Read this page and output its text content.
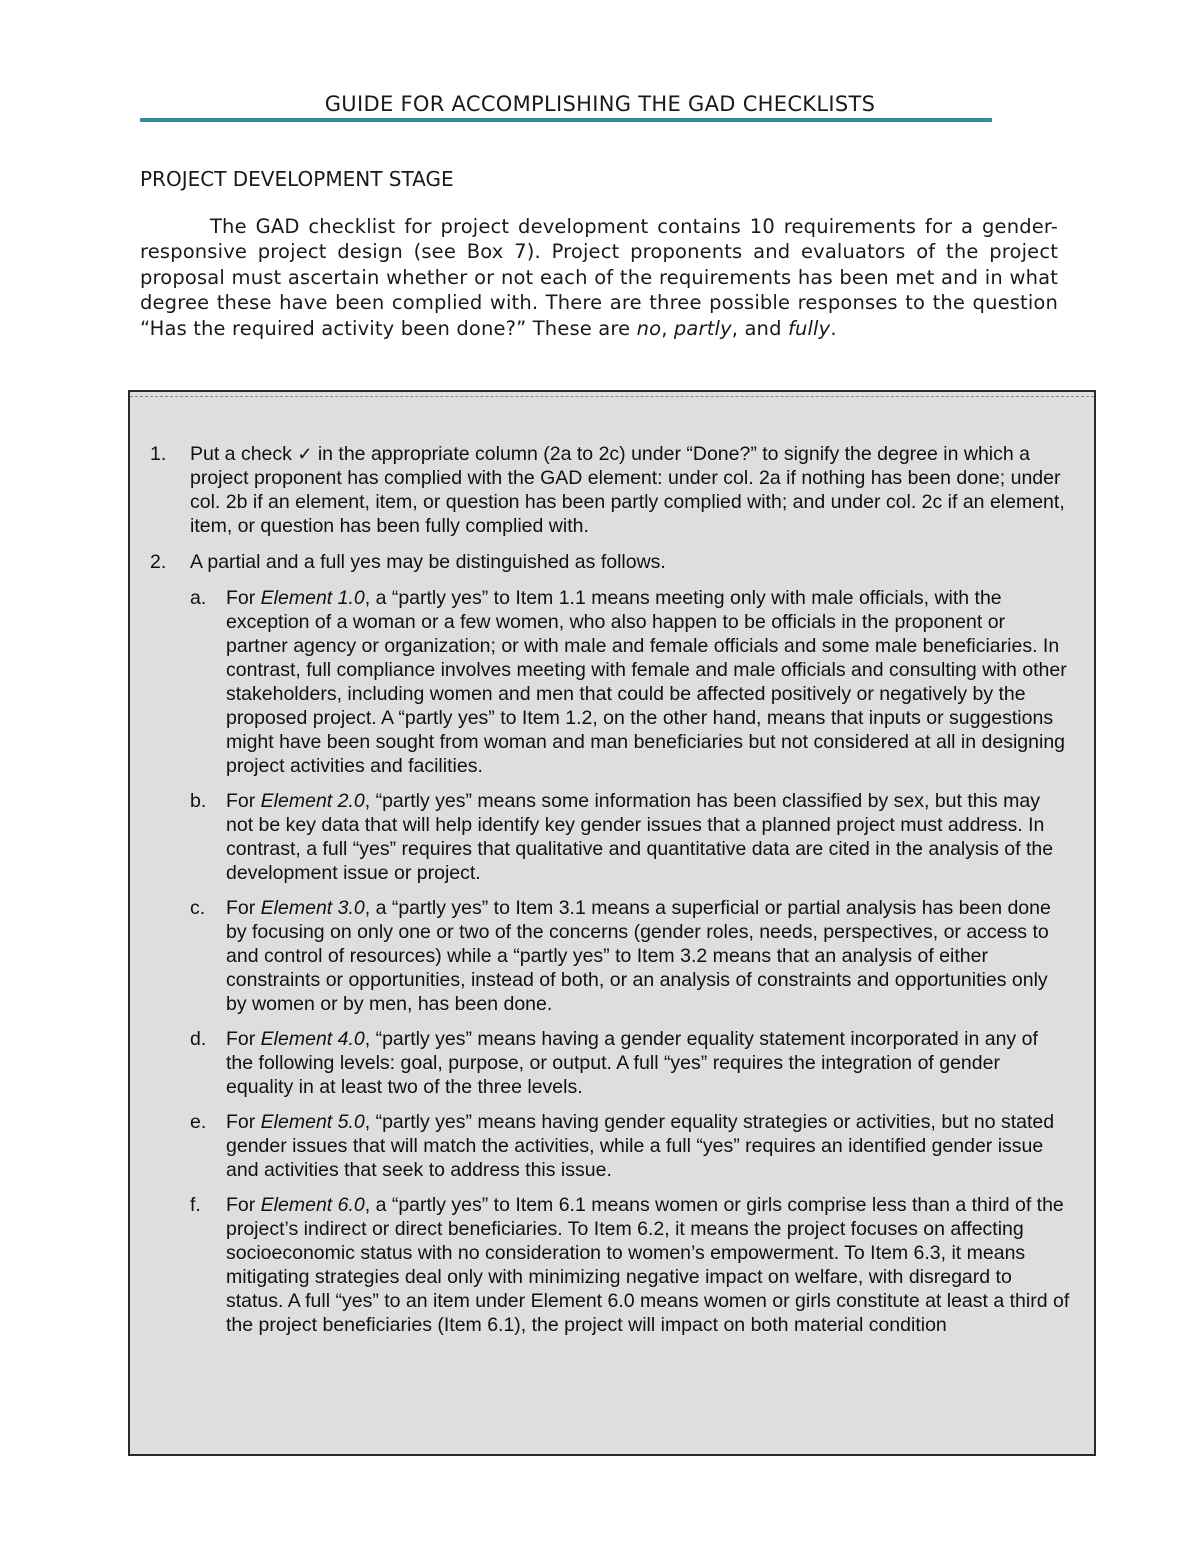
GUIDE FOR ACCOMPLISHING THE GAD CHECKLISTS
PROJECT DEVELOPMENT STAGE

The GAD checklist for project development contains 10 requirements for a gender-responsive project design (see Box 7). Project proponents and evaluators of the project proposal must ascertain whether or not each of the requirements has been met and in what degree these have been complied with. There are three possible responses to the question “Has the required activity been done?” These are no, partly, and fully.

1. Put a check ✓ in the appropriate column (2a to 2c) under “Done?” to signify the degree in which a project proponent has complied with the GAD element: under col. 2a if nothing has been done; under col. 2b if an element, item, or question has been partly complied with; and under col. 2c if an element, item, or question has been fully complied with.
2. A partial and a full yes may be distinguished as follows.
a. For Element 1.0, a “partly yes” to Item 1.1 means meeting only with male officials, with the exception of a woman or a few women, who also happen to be officials in the proponent or partner agency or organization; or with male and female officials and some male beneficiaries. In contrast, full compliance involves meeting with female and male officials and consulting with other stakeholders, including women and men that could be affected positively or negatively by the proposed project. A “partly yes” to Item 1.2, on the other hand, means that inputs or suggestions might have been sought from woman and man beneficiaries but not considered at all in designing project activities and facilities.
b. For Element 2.0, “partly yes” means some information has been classified by sex, but this may not be key data that will help identify key gender issues that a planned project must address. In contrast, a full “yes” requires that qualitative and quantitative data are cited in the analysis of the development issue or project.
c. For Element 3.0, a “partly yes” to Item 3.1 means a superficial or partial analysis has been done by focusing on only one or two of the concerns (gender roles, needs, perspectives, or access to and control of resources) while a “partly yes” to Item 3.2 means that an analysis of either constraints or opportunities, instead of both, or an analysis of constraints and opportunities only by women or by men, has been done.
d. For Element 4.0, “partly yes” means having a gender equality statement incorporated in any of the following levels: goal, purpose, or output. A full “yes” requires the integration of gender equality in at least two of the three levels.
e. For Element 5.0, “partly yes” means having gender equality strategies or activities, but no stated gender issues that will match the activities, while a full “yes” requires an identified gender issue and activities that seek to address this issue.
f. For Element 6.0, a “partly yes” to Item 6.1 means women or girls comprise less than a third of the project’s indirect or direct beneficiaries. To Item 6.2, it means the project focuses on affecting socioeconomic status with no consideration to women’s empowerment. To Item 6.3, it means mitigating strategies deal only with minimizing negative impact on welfare, with disregard to status. A full “yes” to an item under Element 6.0 means women or girls constitute at least a third of the project beneficiaries (Item 6.1), the project will impact on both material condition
